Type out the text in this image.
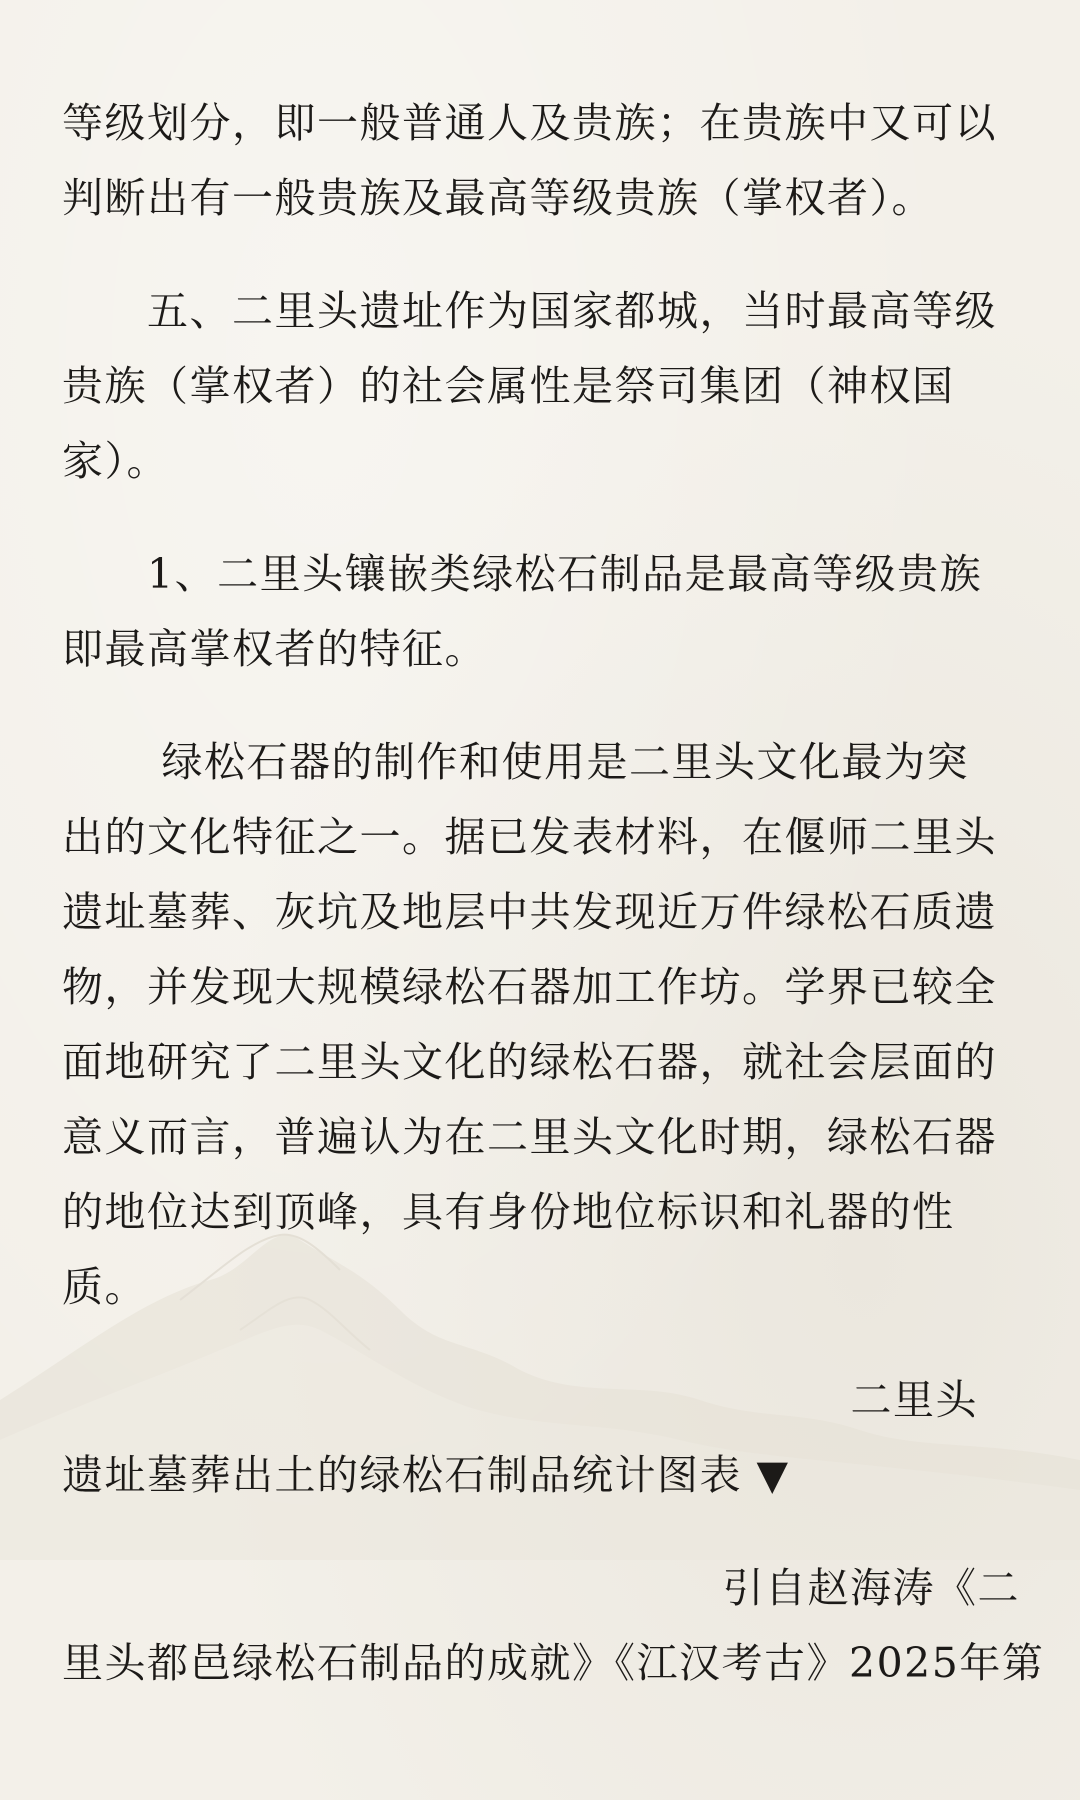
等级划分，即一般普通人及贵族；在贵族中又可以
判断出有一般贵族及最高等级贵族（掌权者）。
　　五、二里头遗址作为国家都城，当时最高等级
贵族（掌权者）的社会属性是祭司集团（神权国
家）。
　　1、二里头镶嵌类绿松石制品是最高等级贵族
即最高掌权者的特征。
　　 绿松石器的制作和使用是二里头文化最为突
出的文化特征之一。据已发表材料，在偃师二里头
遗址墓葬、灰坑及地层中共发现近万件绿松石质遗
物，并发现大规模绿松石器加工作坊。学界已较全
面地研究了二里头文化的绿松石器，就社会层面的
意义而言，普遍认为在二里头文化时期，绿松石器
的地位达到顶峰，具有身份地位标识和礼器的性
质。
二里头
遗址墓葬出土的绿松石制品统计图表 ▼
引自赵海涛《二
里头都邑绿松石制品的成就》《江汉考古》2025年第
